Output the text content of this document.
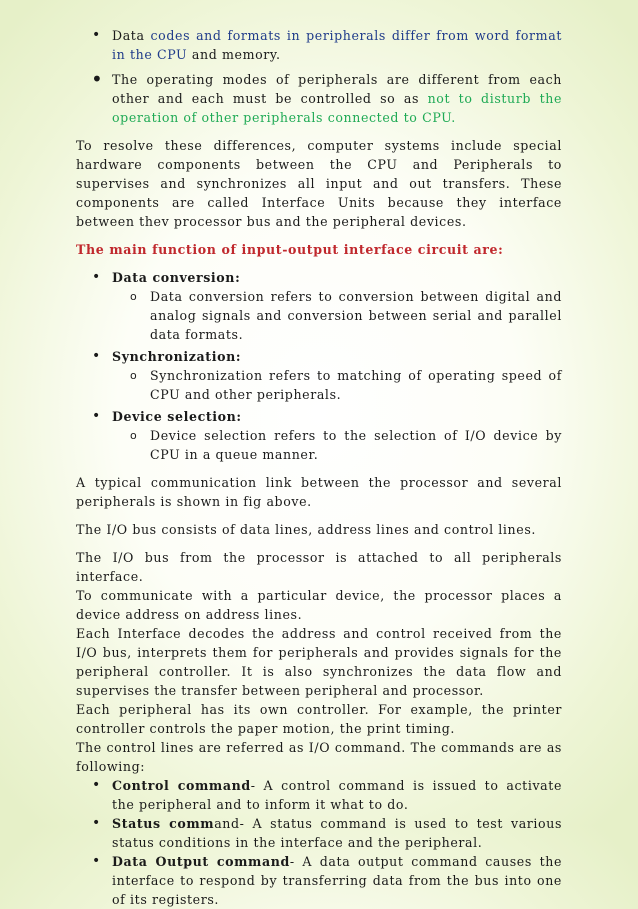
• Data codes and formats in peripherals differ from word format in the CPU and memory.
• The operating modes of peripherals are different from each other and each must be controlled so as not to disturb the operation of other peripherals connected to CPU.

To resolve these differences, computer systems include special hardware components between the CPU and Peripherals to supervises and synchronizes all input and out transfers. These components are called Interface Units because they interface between thev processor bus and the peripheral devices.

The main function of input-output interface circuit are:

• Data conversion:
o Data conversion refers to conversion between digital and analog signals and conversion between serial and parallel data formats.
• Synchronization:
o Synchronization refers to matching of operating speed of CPU and other peripherals.
• Device selection:
o Device selection refers to the selection of I/O device by CPU in a queue manner.

A typical communication link between the processor and several peripherals is shown in fig above.

The I/O bus consists of data lines, address lines and control lines.

The I/O bus from the processor is attached to all peripherals interface.

To communicate with a particular device, the processor places a device address on address lines.

Each Interface decodes the address and control received from the I/O bus, interprets them for peripherals and provides signals for the peripheral controller. It is also synchronizes the data flow and supervises the transfer between peripheral and processor.

Each peripheral has its own controller. For example, the printer controller controls the paper motion, the print timing.

The control lines are referred as I/O command. The commands are as following:

• Control command- A control command is issued to activate the peripheral and to inform it what to do.
• Status command- A status command is used to test various status conditions in the interface and the peripheral.
• Data Output command- A data output command causes the interface to respond by transferring data from the bus into one of its registers.
